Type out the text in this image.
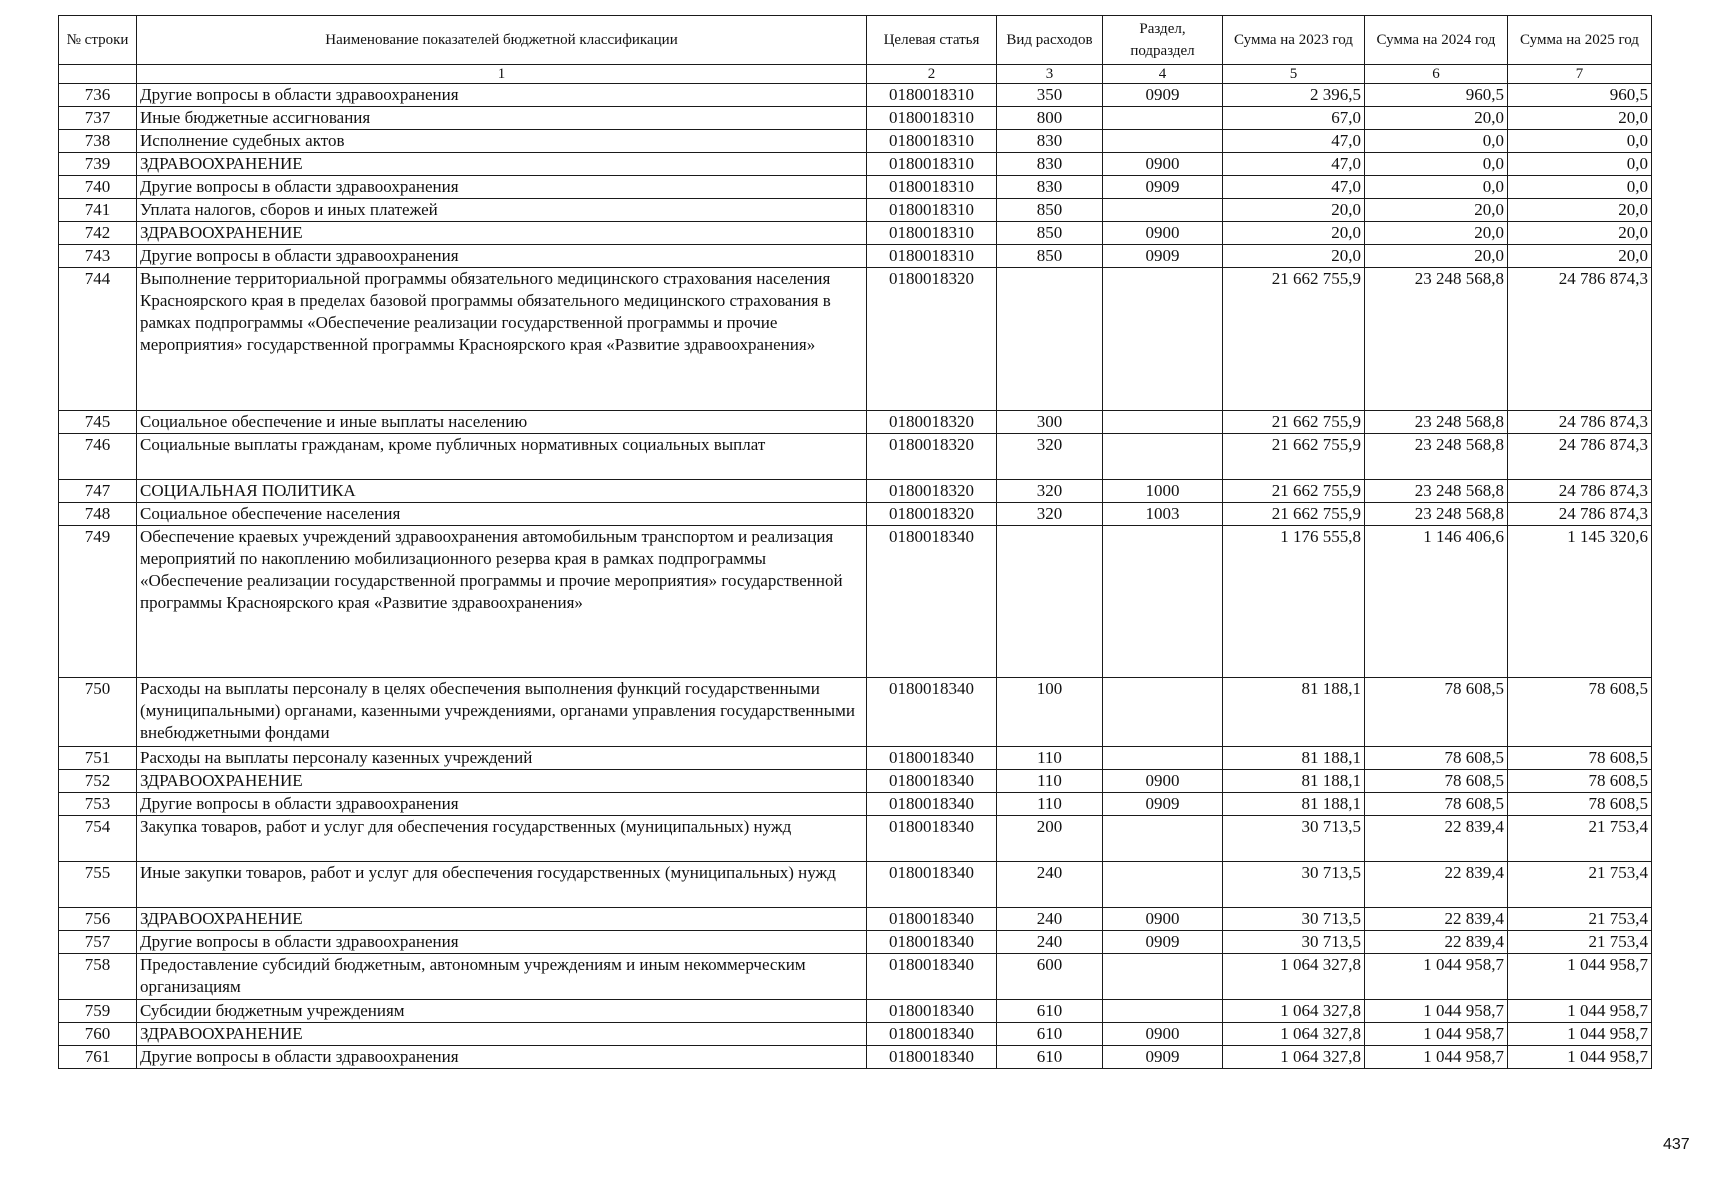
№ строки	Наименование показателей бюджетной классификации	Целевая статья	Вид расходов	Раздел, подраздел	Сумма на 2023 год	Сумма на 2024 год	Сумма на 2025 год
	1	2	3	4	5	6	7
736	Другие вопросы в области здравоохранения	0180018310	350	0909	2 396,5	960,5	960,5
737	Иные бюджетные ассигнования	0180018310	800		67,0	20,0	20,0
738	Исполнение судебных актов	0180018310	830		47,0	0,0	0,0
739	ЗДРАВООХРАНЕНИЕ	0180018310	830	0900	47,0	0,0	0,0
740	Другие вопросы в области здравоохранения	0180018310	830	0909	47,0	0,0	0,0
741	Уплата налогов, сборов и иных платежей	0180018310	850		20,0	20,0	20,0
742	ЗДРАВООХРАНЕНИЕ	0180018310	850	0900	20,0	20,0	20,0
743	Другие вопросы в области здравоохранения	0180018310	850	0909	20,0	20,0	20,0
744	Выполнение территориальной программы обязательного медицинского страхования населения Красноярского края в пределах базовой программы обязательного медицинского страхования в рамках подпрограммы «Обеспечение реализации государственной программы и прочие мероприятия» государственной программы Красноярского края «Развитие здравоохранения»	0180018320			21 662 755,9	23 248 568,8	24 786 874,3
745	Социальное обеспечение и иные выплаты населению	0180018320	300		21 662 755,9	23 248 568,8	24 786 874,3
746	Социальные выплаты гражданам, кроме публичных нормативных социальных выплат	0180018320	320		21 662 755,9	23 248 568,8	24 786 874,3
747	СОЦИАЛЬНАЯ ПОЛИТИКА	0180018320	320	1000	21 662 755,9	23 248 568,8	24 786 874,3
748	Социальное обеспечение населения	0180018320	320	1003	21 662 755,9	23 248 568,8	24 786 874,3
749	Обеспечение краевых учреждений здравоохранения автомобильным транспортом и реализация мероприятий по накоплению мобилизационного резерва края в рамках подпрограммы «Обеспечение реализации государственной программы и прочие мероприятия» государственной программы Красноярского края «Развитие здравоохранения»	0180018340			1 176 555,8	1 146 406,6	1 145 320,6
750	Расходы на выплаты персоналу в целях обеспечения выполнения функций государственными (муниципальными) органами, казенными учреждениями, органами управления государственными внебюджетными фондами	0180018340	100		81 188,1	78 608,5	78 608,5
751	Расходы на выплаты персоналу казенных учреждений	0180018340	110		81 188,1	78 608,5	78 608,5
752	ЗДРАВООХРАНЕНИЕ	0180018340	110	0900	81 188,1	78 608,5	78 608,5
753	Другие вопросы в области здравоохранения	0180018340	110	0909	81 188,1	78 608,5	78 608,5
754	Закупка товаров, работ и услуг для обеспечения государственных (муниципальных) нужд	0180018340	200		30 713,5	22 839,4	21 753,4
755	Иные закупки товаров, работ и услуг для обеспечения государственных (муниципальных) нужд	0180018340	240		30 713,5	22 839,4	21 753,4
756	ЗДРАВООХРАНЕНИЕ	0180018340	240	0900	30 713,5	22 839,4	21 753,4
757	Другие вопросы в области здравоохранения	0180018340	240	0909	30 713,5	22 839,4	21 753,4
758	Предоставление субсидий бюджетным, автономным учреждениям и иным некоммерческим организациям	0180018340	600		1 064 327,8	1 044 958,7	1 044 958,7
759	Субсидии бюджетным учреждениям	0180018340	610		1 064 327,8	1 044 958,7	1 044 958,7
760	ЗДРАВООХРАНЕНИЕ	0180018340	610	0900	1 064 327,8	1 044 958,7	1 044 958,7
761	Другие вопросы в области здравоохранения	0180018340	610	0909	1 064 327,8	1 044 958,7	1 044 958,7
437
